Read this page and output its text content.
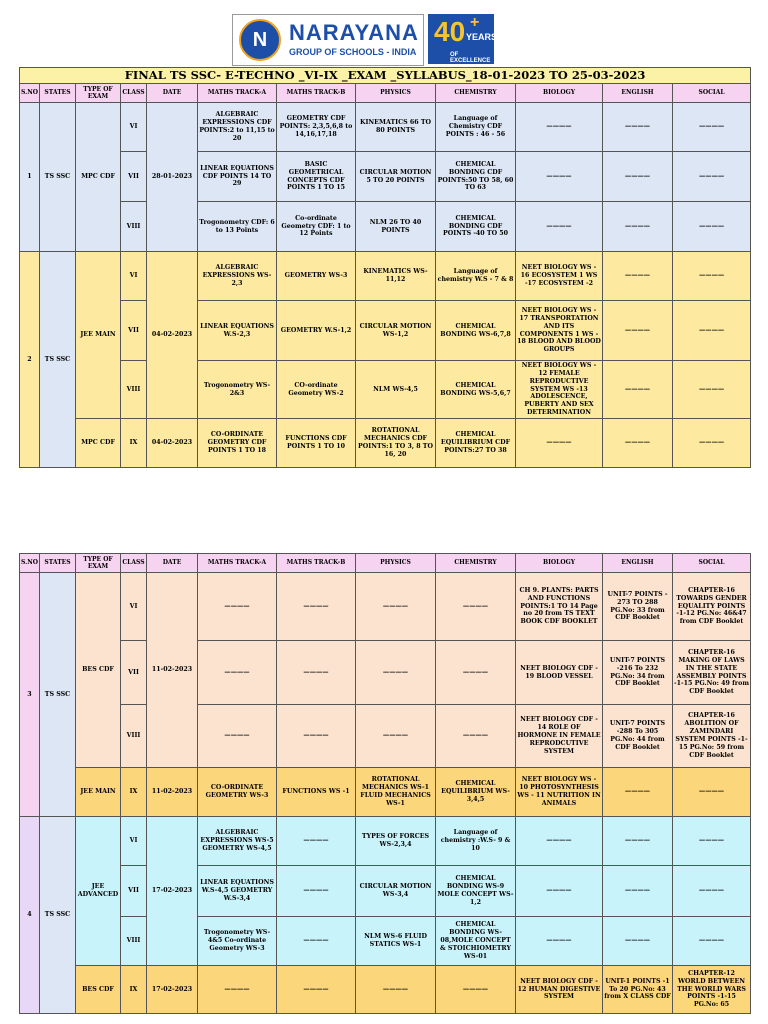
N NARAYANA
GROUP OF SCHOOLS - INDIA
40 +
YEARS
OF EXCELLENCE
FINAL TS SSC- E-TECHNO _VI-IX _EXAM _SYLLABUS_18-01-2023 TO 25-03-2023											
S.NO	STATES	TYPE OF EXAM	CLASS	DATE	MATHS TRACK-A	MATHS TRACK-B	PHYSICS	CHEMISTRY	BIOLOGY	ENGLISH	SOCIAL
1	TS SSC	MPC CDF	VI	28-01-2023	ALGEBRAIC EXPRESSIONS CDF POINTS:2 to 11,15 to 20	GEOMETRY CDF POINTS: 2,3,5,6,8 to 14,16,17,18	KINEMATICS 66 TO 80 POINTS	Language of Chemistry CDF POINTS : 46 - 56	————	————	————
			VII		LINEAR EQUATIONS CDF POINTS 14 TO 29	BASIC GEOMETRICAL CONCEPTS CDF POINTS 1 TO 15	CIRCULAR MOTION 5 TO 20 POINTS	CHEMICAL BONDING CDF POINTS:50 TO 58, 60 TO 63	————	————	————
			VIII		Trogonometry CDF: 6 to 13 Points	Co-ordinate Geometry CDF: 1 to 12 Points	NLM 26 TO 40 POINTS	CHEMICAL BONDING CDF POINTS -40 TO 50	————	————	————
2	TS SSC	JEE MAIN	VI	04-02-2023	ALGEBRAIC EXPRESSIONS WS-2,3	GEOMETRY WS-3	KINEMATICS WS-11,12	Language of chemistry W.S - 7 & 8	NEET BIOLOGY WS - 16 ECOSYSTEM 1 WS -17 ECOSYSTEM -2	————	————
			VII		LINEAR EQUATIONS W.S-2,3	GEOMETRY W.S-1,2	CIRCULAR MOTION WS-1,2	CHEMICAL BONDING WS-6,7,8	NEET BIOLOGY WS - 17 TRANSPORTATION AND ITS COMPONENTS 1 WS - 18 BLOOD AND BLOOD GROUPS	————	————
			VIII		Trogonometry WS-2&3	CO-ordinate Geometry WS-2	NLM WS-4,5	CHEMICAL BONDING WS-5,6,7	NEET BIOLOGY WS - 12 FEMALE REPRODUCTIVE SYSTEM WS -13 ADOLESCENCE, PUBERTY AND SEX DETERMINATION	————	————
		MPC CDF	IX	04-02-2023	CO-ORDINATE GEOMETRY CDF POINTS 1 TO 18	FUNCTIONS CDF POINTS 1 TO 10	ROTATIONAL MECHANICS CDF POINTS:1 TO 3, 8 TO 16, 20	CHEMICAL EQUILIBRIUM CDF POINTS:27 TO 38	————	————	————
S.NO	STATES	TYPE OF EXAM	CLASS	DATE	MATHS TRACK-A	MATHS TRACK-B	PHYSICS	CHEMISTRY	BIOLOGY	ENGLISH	SOCIAL
3	TS SSC	BES CDF	VI	11-02-2023	————	————	————	————	CH 9. PLANTS: PARTS AND FUNCTIONS POINTS:1 TO 14 Page no 20 from TS TEXT BOOK CDF BOOKLET	UNIT-7 POINTS - 273 TO 288 PG.No: 33 from CDF Booklet	CHAPTER-16 TOWARDS GENDER EQUALITY POINTS -1-12 PG.No: 46&47 from CDF Booklet
			VII		————	————	————	————	NEET BIOLOGY CDF - 19 BLOOD VESSEL	UNIT-7 POINTS -216 To 232 PG.No: 34 from CDF Booklet	CHAPTER-16 MAKING OF LAWS IN THE STATE ASSEMBLY POINTS -1-15 PG.No: 49 from CDF Booklet
			VIII		————	————	————	————	NEET BIOLOGY CDF - 14 ROLE OF HORMONE IN FEMALE REPRODCUTIVE SYSTEM	UNIT-7 POINTS -288 To 305 PG.No: 44 from CDF Booklet	CHAPTER-16 ABOLITION OF ZAMINDARI SYSTEM POINTS -1-15 PG.No: 59 from CDF Booklet
		JEE MAIN	IX	11-02-2023	CO-ORDINATE GEOMETRY WS-3	FUNCTIONS WS -1	ROTATIONAL MECHANICS WS-1 FLUID MECHANICS WS-1	CHEMICAL EQUILIBRIUM WS-3,4,5	NEET BIOLOGY WS - 10 PHOTOSYNTHESIS WS - 11 NUTRITION IN ANIMALS	————	————
4	TS SSC	JEE ADVANCED	VI	17-02-2023	ALGEBRAIC EXPRESSIONS WS-5 GEOMETRY WS-4,5	————	TYPES OF FORCES WS-2,3,4	Language of chemistry :W.S- 9 & 10	————	————	————
			VII		LINEAR EQUATIONS W.S-4,5 GEOMETRY W.S-3,4	————	CIRCULAR MOTION WS-3,4	CHEMICAL BONDING WS-9 MOLE CONCEPT WS-1,2	————	————	————
			VIII		Trogonometry WS-4&5 Co-ordinate Geometry WS-3	————	NLM WS-6 FLUID STATICS WS-1	CHEMICAL BONDING WS-08,MOLE CONCEPT & STOICHIOMETRY WS-01	————	————	————
		BES CDF	IX	17-02-2023	————	————	————	————	NEET BIOLOGY CDF - 12 HUMAN DIGESTIVE SYSTEM	UNIT-1 POINTS -1 To 20 PG.No: 43 from X CLASS CDF	CHAPTER-12 WORLD BETWEEN THE WORLD WARS POINTS -1-15 PG.No: 65
